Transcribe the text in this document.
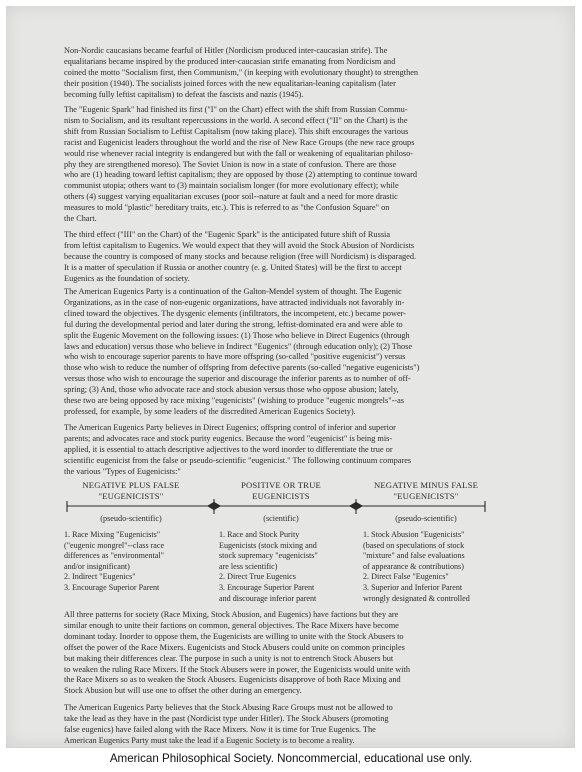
Non-Nordic caucasians became fearful of Hitler (Nordicism produced inter-caucasian strife). The
equalitarians became inspired by the produced inter-caucasian strife emanating from Nordicism and
coined the motto "Socialism first, then Communism," (in keeping with evolutionary thought) to strengthen
their position (1940). The socialists joined forces with the new equalitarian-leaning capitalism (later
becoming fully leftist capitalism) to defeat the fascists and nazis (1945).
The "Eugenic Spark" had finished its first ("I" on the Chart) effect with the shift from Russian Commu-
nism to Socialism, and its resultant repercussions in the world. A second effect ("II" on the Chart) is the
shift from Russian Socialism to Leftist Capitalism (now taking place). This shift encourages the various
racist and Eugenicist leaders throughout the world and the rise of New Race Groups (the new race groups
would rise whenever racial integrity is endangered but with the fall or weakening of equalitarian philoso-
phy they are strengthened moreso). The Soviet Union is now in a state of confusion. There are those
who are (1) heading toward leftist capitalism; they are opposed by those (2) attempting to continue toward
communist utopia; others want to (3) maintain socialism longer (for more evolutionary effect); while
others (4) suggest varying equalitarian excuses (poor soil--nature at fault and a need for more drastic
measures to mold "plastic" hereditary traits, etc.). This is referred to as "the Confusion Square" on
the Chart.
The third effect ("III" on the Chart) of the "Eugenic Spark" is the anticipated future shift of Russia
from leftist capitalism to Eugenics. We would expect that they will avoid the Stock Abusion of Nordicists
because the country is composed of many stocks and because religion (free will Nordicism) is disparaged.
It is a matter of speculation if Russia or another country (e. g. United States) will be the first to accept
Eugenics as the foundation of society.
The American Eugenics Party is a continuation of the Galton-Mendel system of thought. The Eugenic
Organizations, as in the case of non-eugenic organizations, have attracted individuals not favorably in-
clined toward the objectives. The dysgenic elements (infiltrators, the incompetent, etc.) became power-
ful during the developmental period and later during the strong, leftist-dominated era and were able to
split the Eugenic Movement on the following issues: (1) Those who believe in Direct Eugenics (through
laws and education) versus those who believe in Indirect "Eugenics" (through education only); (2) Those
who wish to encourage superior parents to have more offspring (so-called "positive eugenicist") versus
those who wish to reduce the number of offspring from defective parents (so-called "negative eugenicists")
versus those who wish to encourage the superior and discourage the inferior parents as to number of off-
spring; (3) And, those who advocate race and stock abusion versus those who oppose abusion; lately,
these two are being opposed by race mixing "eugenicists" (wishing to produce "eugenic mongrels"--as
professed, for example, by some leaders of the discredited American Eugenics Society).
The American Eugenics Party believes in Direct Eugenics; offspring control of inferior and superior
parents; and advocates race and stock purity eugenics. Because the word "eugenicist" is being mis-
applied, it is essential to attach descriptive adjectives to the word inorder to differentiate the true or
scientific eugenicist from the false or pseudo-scientific "eugenicist." The following continuum compares
the various "Types of Eugenicists:"
NEGATIVE PLUS FALSE
"EUGENICISTS"
POSITIVE OR TRUE
EUGENICISTS
NEGATIVE MINUS FALSE
"EUGENICISTS"
(pseudo-scientific)	(scientific)	(pseudo-scientific)
1. Race Mixing "Eugenicists"
("eugenic mongrel"--class race
differences as "environmental"
and/or insignificant)
2. Indirect "Eugenics"
3. Encourage Superior Parent
1. Race and Stock Purity
Eugenicists (stock mixing and
stock supremacy "eugenicists"
are less scientific)
2. Direct True Eugenics
3. Encourage Superior Parent
and discourage inferior parent
1. Stock Abusion "Eugenicists"
(based on speculations of stock
"mixture" and false evaluations
of appearance & contributions)
2. Direct False "Eugenics"
3. Superior and Inferior Parent
wrongly designated & controlled
All three patterns for society (Race Mixing, Stock Abusion, and Eugenics) have factions but they are
similar enough to unite their factions on common, general objectives. The Race Mixers have become
dominant today. Inorder to oppose them, the Eugenicists are willing to unite with the Stock Abusers to
offset the power of the Race Mixers. Eugenicists and Stock Abusers could unite on common principles
but making their differences clear. The purpose in such a unity is not to entrench Stock Abusers but
to weaken the ruling Race Mixers. If the Stock Abusers were in power, the Eugenicists would unite with
the Race Mixers so as to weaken the Stock Abusers. Eugenicists disapprove of both Race Mixing and
Stock Abusion but will use one to offset the other during an emergency.
The American Eugenics Party believes that the Stock Abusing Race Groups must not be allowed to
take the lead as they have in the past (Nordicist type under Hitler). The Stock Abusers (promoting
false eugenics) have failed along with the Race Mixers. Now it is time for True Eugenics. The
American Eugenics Party must take the lead if a Eugenic Society is to become a reality.
American Philosophical Society. Noncommercial, educational use only.
